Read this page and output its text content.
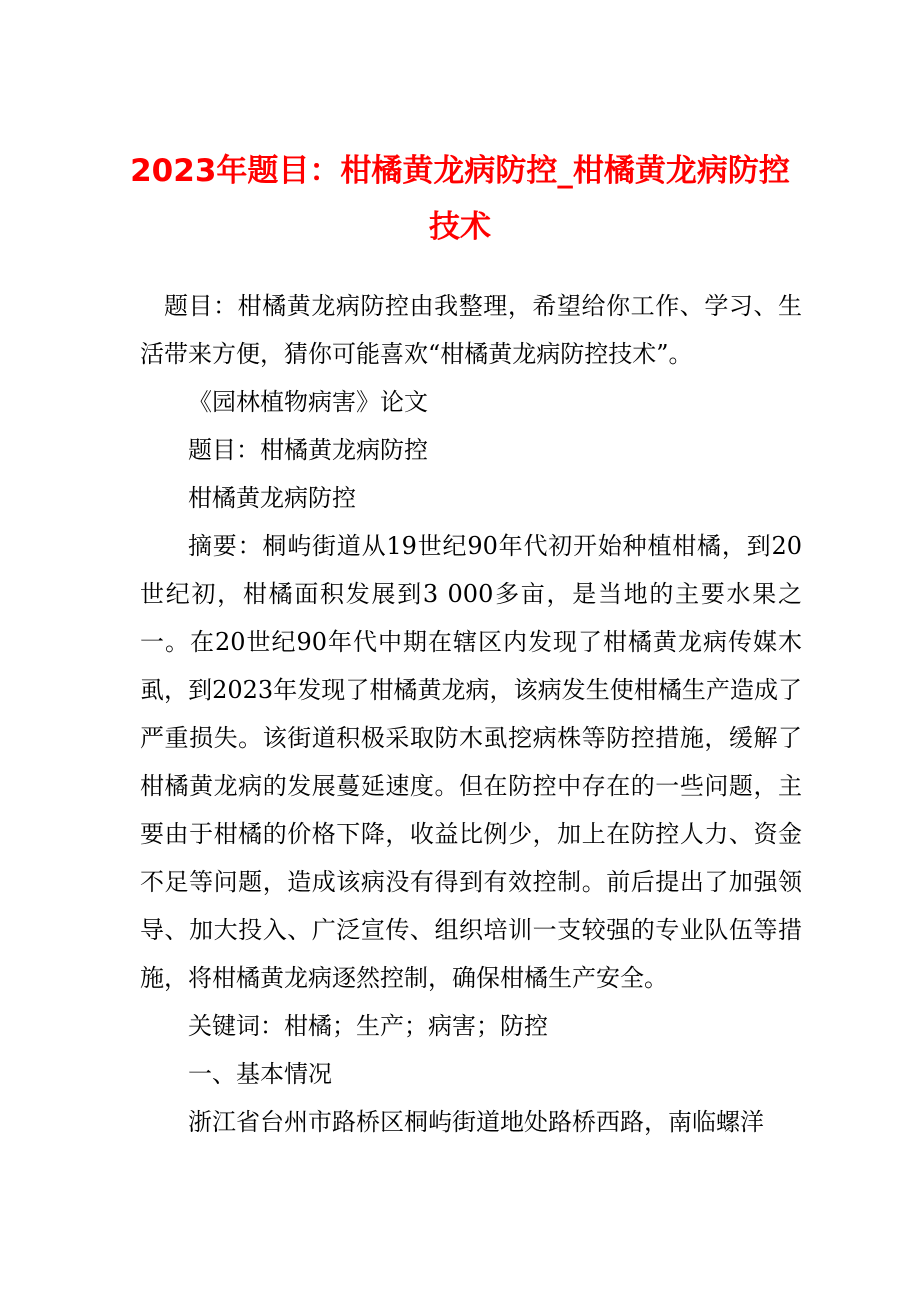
2023年题目：柑橘黄龙病防控_柑橘黄龙病防控技术

题目：柑橘黄龙病防控由我整理，希望给你工作、学习、生活带来方便，猜你可能喜欢“柑橘黄龙病防控技术”。

《园林植物病害》论文

题目：柑橘黄龙病防控

柑橘黄龙病防控

摘要：桐屿街道从19世纪90年代初开始种植柑橘，到20世纪初，柑橘面积发展到3 000多亩，是当地的主要水果之一。在20世纪90年代中期在辖区内发现了柑橘黄龙病传媒木虱，到2023年发现了柑橘黄龙病，该病发生使柑橘生产造成了严重损失。该街道积极采取防木虱挖病株等防控措施，缓解了柑橘黄龙病的发展蔓延速度。但在防控中存在的一些问题，主要由于柑橘的价格下降，收益比例少，加上在防控人力、资金不足等问题，造成该病没有得到有效控制。前后提出了加强领导、加大投入、广泛宣传、组织培训一支较强的专业队伍等措施，将柑橘黄龙病逐然控制，确保柑橘生产安全。

关键词：柑橘；生产；病害；防控

一、基本情况

浙江省台州市路桥区桐屿街道地处路桥西路，南临螺洋
